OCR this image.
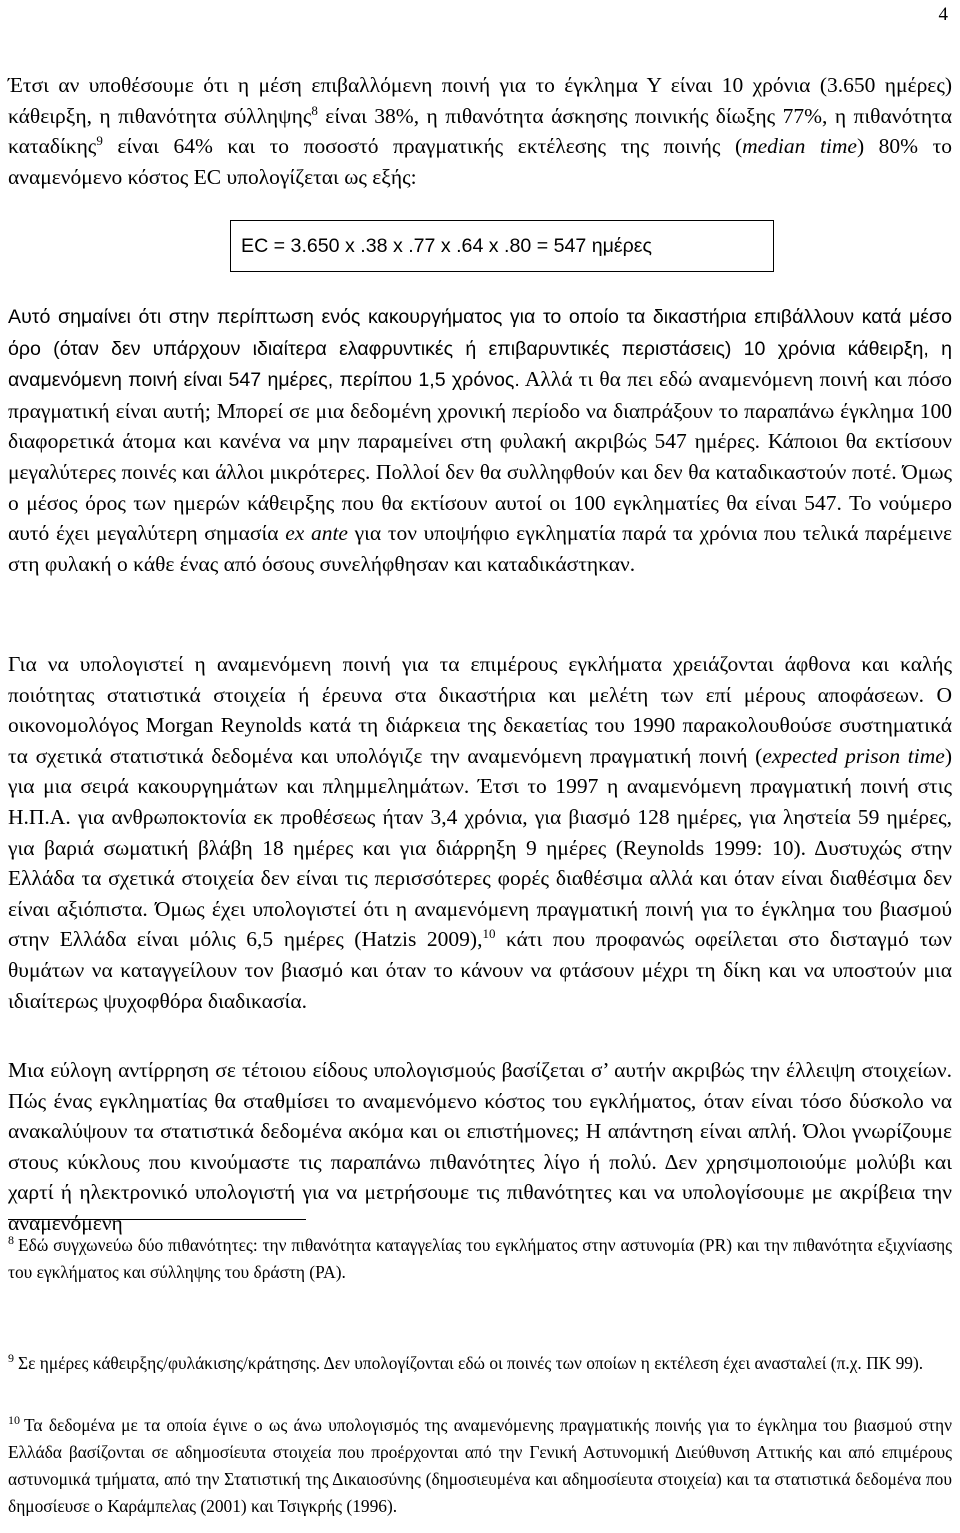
4

Έτσι αν υποθέσουμε ότι η μέση επιβαλλόμενη ποινή για το έγκλημα Υ είναι 10 χρόνια (3.650 ημέρες) κάθειρξη, η πιθανότητα σύλληψης$^8$ είναι 38%, η πιθανότητα άσκησης ποινικής δίωξης 77%, η πιθανότητα καταδίκης$^9$ είναι 64% και το ποσοστό πραγματικής εκτέλεσης της ποινής (median time) 80% το αναμενόμενο κόστος EC υπολογίζεται ως εξής:

EC = 3.650 x .38 x .77 x .64 x .80 = 547 ημέρες

Αυτό σημαίνει ότι στην περίπτωση ενός κακουργήματος για το οποίο τα δικαστήρια επιβάλλουν κατά μέσο όρο (όταν δεν υπάρχουν ιδιαίτερα ελαφρυντικές ή επιβαρυντικές περιστάσεις) 10 χρόνια κάθειρξη, η αναμενόμενη ποινή είναι 547 ημέρες, περίπου 1,5 χρόνος. Αλλά τι θα πει εδώ αναμενόμενη ποινή και πόσο πραγματική είναι αυτή; Μπορεί σε μια δεδομένη χρονική περίοδο να διαπράξουν το παραπάνω έγκλημα 100 διαφορετικά άτομα και κανένα να μην παραμείνει στη φυλακή ακριβώς 547 ημέρες. Κάποιοι θα εκτίσουν μεγαλύτερες ποινές και άλλοι μικρότερες. Πολλοί δεν θα συλληφθούν και δεν θα καταδικαστούν ποτέ. Όμως ο μέσος όρος των ημερών κάθειρξης που θα εκτίσουν αυτοί οι 100 εγκληματίες θα είναι 547. Το νούμερο αυτό έχει μεγαλύτερη σημασία ex ante για τον υποψήφιο εγκληματία παρά τα χρόνια που τελικά παρέμεινε στη φυλακή ο κάθε ένας από όσους συνελήφθησαν και καταδικάστηκαν.

Για να υπολογιστεί η αναμενόμενη ποινή για τα επιμέρους εγκλήματα χρειάζονται άφθονα και καλής ποιότητας στατιστικά στοιχεία ή έρευνα στα δικαστήρια και μελέτη των επί μέρους αποφάσεων. Ο οικονομολόγος Morgan Reynolds κατά τη διάρκεια της δεκαετίας του 1990 παρακολουθούσε συστηματικά τα σχετικά στατιστικά δεδομένα και υπολόγιζε την αναμενόμενη πραγματική ποινή (expected prison time) για μια σειρά κακουργημάτων και πλημμελημάτων. Έτσι το 1997 η αναμενόμενη πραγματική ποινή στις Η.Π.Α. για ανθρωποκτονία εκ προθέσεως ήταν 3,4 χρόνια, για βιασμό 128 ημέρες, για ληστεία 59 ημέρες, για βαριά σωματική βλάβη 18 ημέρες και για διάρρηξη 9 ημέρες (Reynolds 1999: 10). Δυστυχώς στην Ελλάδα τα σχετικά στοιχεία δεν είναι τις περισσότερες φορές διαθέσιμα αλλά και όταν είναι διαθέσιμα δεν είναι αξιόπιστα. Όμως έχει υπολογιστεί ότι η αναμενόμενη πραγματική ποινή για το έγκλημα του βιασμού στην Ελλάδα είναι μόλις 6,5 ημέρες (Hatzis 2009),$^{10}$ κάτι που προφανώς οφείλεται στο δισταγμό των θυμάτων να καταγγείλουν τον βιασμό και όταν το κάνουν να φτάσουν μέχρι τη δίκη και να υποστούν μια ιδιαίτερως ψυχοφθόρα διαδικασία.

Μια εύλογη αντίρρηση σε τέτοιου είδους υπολογισμούς βασίζεται σ’ αυτήν ακριβώς την έλλειψη στοιχείων. Πώς ένας εγκληματίας θα σταθμίσει το αναμενόμενο κόστος του εγκλήματος, όταν είναι τόσο δύσκολο να ανακαλύψουν τα στατιστικά δεδομένα ακόμα και οι επιστήμονες; Η απάντηση είναι απλή. Όλοι γνωρίζουμε στους κύκλους που κινούμαστε τις παραπάνω πιθανότητες λίγο ή πολύ. Δεν χρησιμοποιούμε μολύβι και χαρτί ή ηλεκτρονικό υπολογιστή για να μετρήσουμε τις πιθανότητες και να υπολογίσουμε με ακρίβεια την αναμενόμενη

$^8$ Εδώ συγχωνεύω δύο πιθανότητες: την πιθανότητα καταγγελίας του εγκλήματος στην αστυνομία (PR) και την πιθανότητα εξιχνίασης του εγκλήματος και σύλληψης του δράστη (PA).

$^9$ Σε ημέρες κάθειρξης/φυλάκισης/κράτησης. Δεν υπολογίζονται εδώ οι ποινές των οποίων η εκτέλεση έχει ανασταλεί (π.χ. ΠΚ 99).

$^{10}$ Τα δεδομένα με τα οποία έγινε ο ως άνω υπολογισμός της αναμενόμενης πραγματικής ποινής για το έγκλημα του βιασμού στην Ελλάδα βασίζονται σε αδημοσίευτα στοιχεία που προέρχονται από την Γενική Αστυνομική Διεύθυνση Αττικής και από επιμέρους αστυνομικά τμήματα, από την Στατιστική της Δικαιοσύνης (δημοσιευμένα και αδημοσίευτα στοιχεία) και τα στατιστικά δεδομένα που δημοσίευσε ο Καράμπελας (2001) και Τσιγκρής (1996).
